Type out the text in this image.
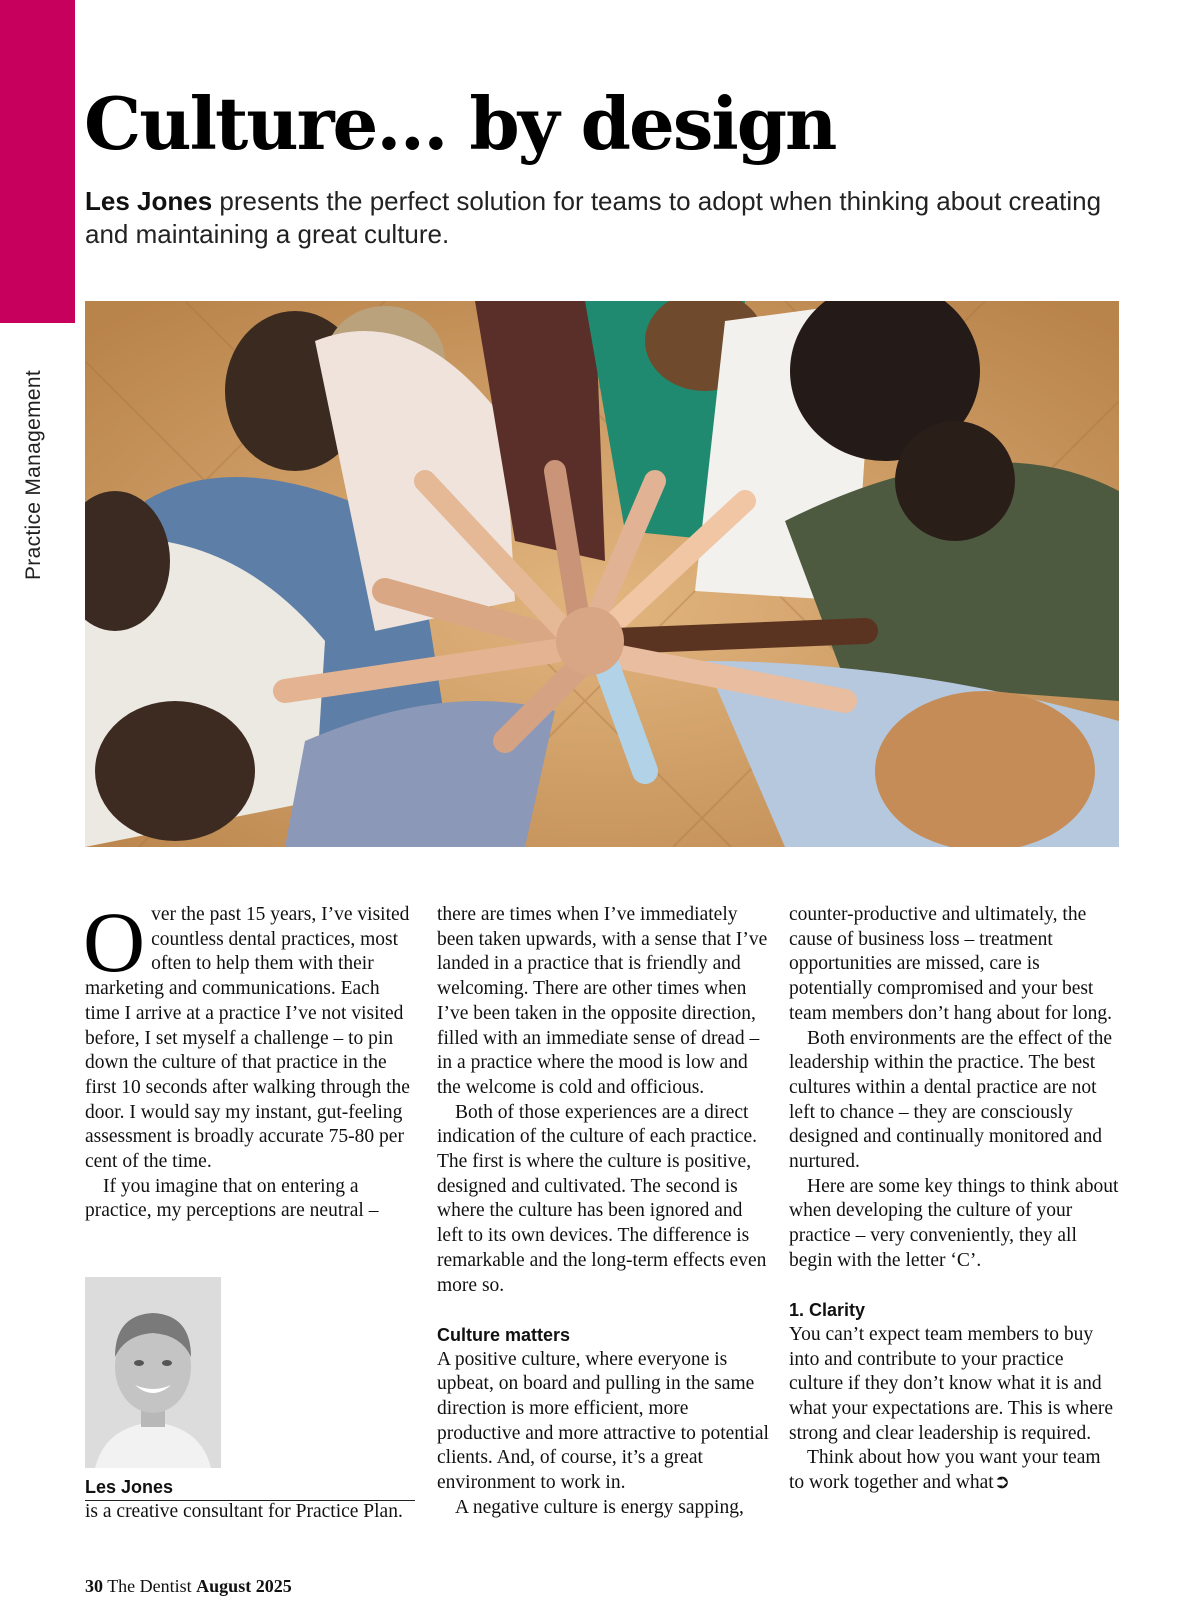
Practice Management
Culture… by design
Les Jones presents the perfect solution for teams to adopt when thinking about creating and maintaining a great culture.

Over the past 15 years, I’ve visited countless dental practices, most often to help them with their marketing and communications. Each time I arrive at a practice I’ve not visited before, I set myself a challenge – to pin down the culture of that practice in the first 10 seconds after walking through the door. I would say my instant, gut-feeling assessment is broadly accurate 75-80 per cent of the time.

If you imagine that on entering a practice, my perceptions are neutral –

there are times when I’ve immediately been taken upwards, with a sense that I’ve landed in a practice that is friendly and welcoming. There are other times when I’ve been taken in the opposite direction, filled with an immediate sense of dread – in a practice where the mood is low and the welcome is cold and officious.

Both of those experiences are a direct indication of the culture of each practice. The first is where the culture is positive, designed and cultivated. The second is where the culture has been ignored and left to its own devices. The difference is remarkable and the long-term effects even more so.

Culture matters

A positive culture, where everyone is upbeat, on board and pulling in the same direction is more efficient, more productive and more attractive to potential clients. And, of course, it’s a great environment to work in.

A negative culture is energy sapping,

counter-productive and ultimately, the cause of business loss – treatment opportunities are missed, care is potentially compromised and your best team members don’t hang about for long.

Both environments are the effect of the leadership within the practice. The best cultures within a dental practice are not left to chance – they are consciously designed and continually monitored and nurtured.

Here are some key things to think about when developing the culture of your practice – very conveniently, they all begin with the letter ‘C’.

1. Clarity

You can’t expect team members to buy into and contribute to your practice culture if they don’t know what it is and what your expectations are. This is where strong and clear leadership is required.

Think about how you want your team to work together and what➲

Les Jones
is a creative consultant for Practice Plan.
30 The Dentist August 2025
